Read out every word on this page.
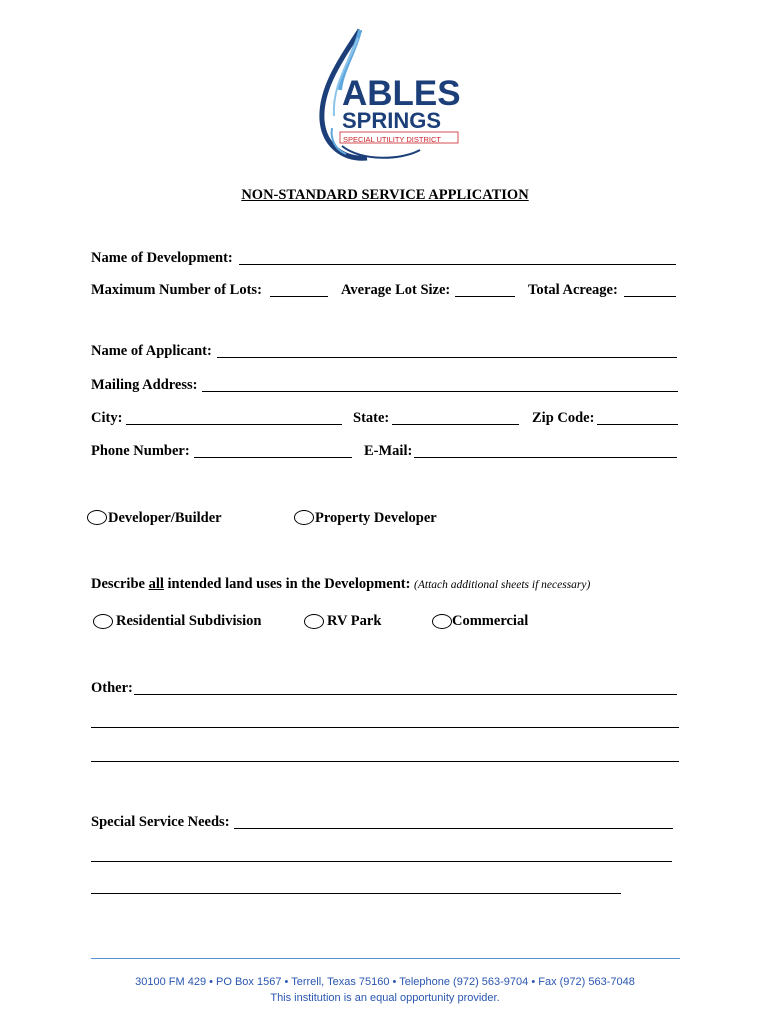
ABLES
SPRINGS
SPECIAL UTILITY DISTRICT
NON-STANDARD SERVICE APPLICATION
Name of Development:
Maximum Number of Lots:	Average Lot Size:	Total Acreage:
Name of Applicant:
Mailing Address:
City:	State:	Zip Code:
Phone Number:	E-Mail:
Developer/Builder	Property Developer
Describe all intended land uses in the Development: (Attach additional sheets if necessary)
Residential Subdivision	RV Park	Commercial
Other:
Special Service Needs:
30100 FM 429 • PO Box 1567 • Terrell, Texas 75160 • Telephone (972) 563-9704 • Fax (972) 563-7048
This institution is an equal opportunity provider.
